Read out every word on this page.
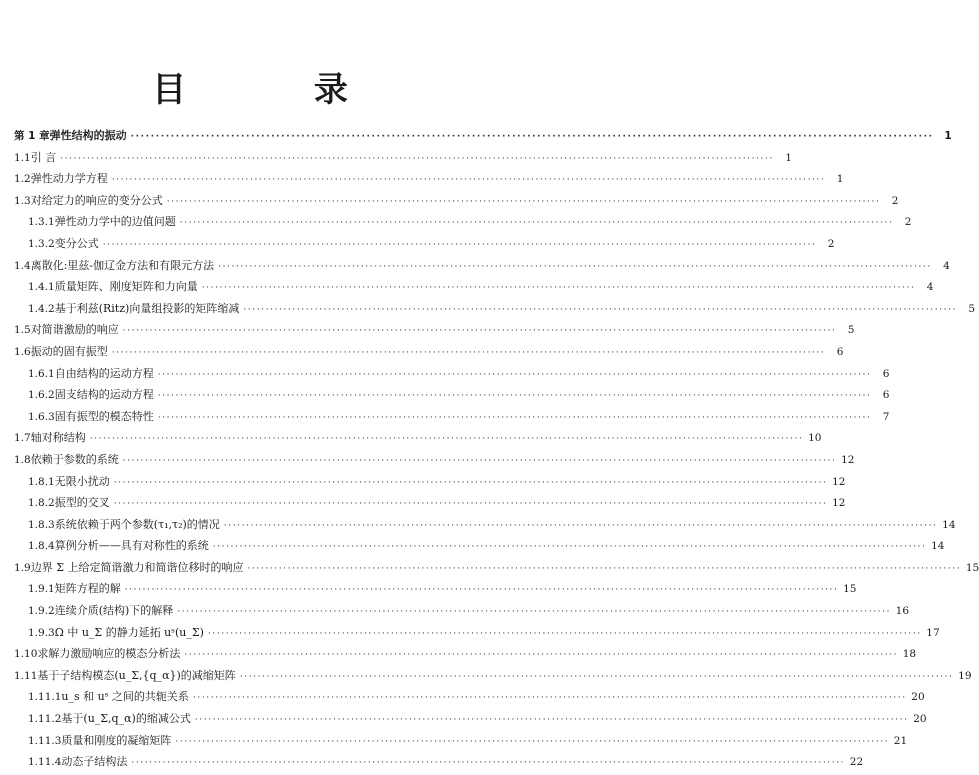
目 录
第 1 章 弹性结构的振动 ·····	1
1.1 引 言 ·····	1
1.2 弹性动力学方程 ·····	1
1.3 对给定力的响应的变分公式 ·····	2
1.3.1 弹性动力学中的边值问题 ·····	2
1.3.2 变分公式 ·····	2
1.4 离散化:里兹-伽辽金方法和有限元方法 ·····	4
1.4.1 质量矩阵、刚度矩阵和力向量 ·····	4
1.4.2 基于利兹(Ritz)向量组投影的矩阵缩减 ·····	5
1.5 对简谐激励的响应 ·····	5
1.6 振动的固有振型 ·····	6
1.6.1 自由结构的运动方程 ·····	6
1.6.2 固支结构的运动方程 ·····	6
1.6.3 固有振型的模态特性 ·····	7
1.7 轴对称结构 ·····	10
1.8 依赖于参数的系统 ·····	12
1.8.1 无限小扰动 ·····	12
1.8.2 振型的交叉 ·····	12
1.8.3 系统依赖于两个参数(τ₁,τ₂)的情况 ·····	14
1.8.4 算例分析——具有对称性的系统 ·····	14
1.9 边界 Σ 上给定简谐激力和简谐位移时的响应 ·····	15
1.9.1 矩阵方程的解 ·····	15
1.9.2 连续介质(结构)下的解释 ·····	16
1.9.3 Ω 中 u_Σ 的静力延拓 uˢ(u_Σ) ·····	17
1.10 求解力激励响应的模态分析法 ·····	18
1.11 基于子结构模态(u_Σ,{q_α})的减缩矩阵 ·····	19
1.11.1 u_s 和 uˢ 之间的共轭关系 ·····	20
1.11.2 基于(u_Σ,q_α)的缩减公式 ·····	20
1.11.3 质量和刚度的凝缩矩阵 ·····	21
1.11.4 动态子结构法 ·····	22
